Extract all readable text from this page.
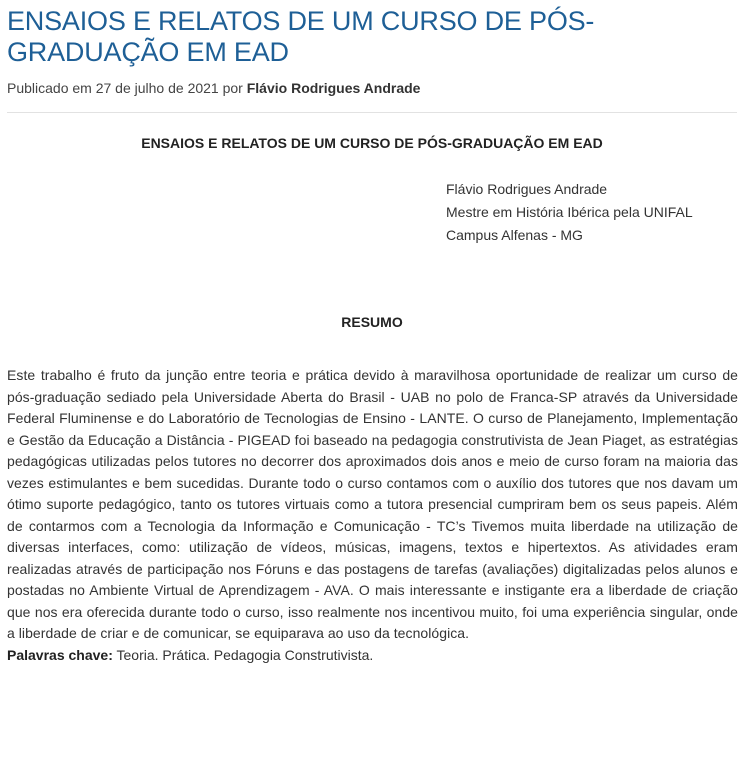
ENSAIOS E RELATOS DE UM CURSO DE PÓS-GRADUAÇÃO EM EAD
Publicado em 27 de julho de 2021 por Flávio Rodrigues Andrade
ENSAIOS E RELATOS DE UM CURSO DE PÓS-GRADUAÇÃO EM EAD
Flávio Rodrigues Andrade
Mestre em História Ibérica pela UNIFAL
Campus Alfenas - MG
RESUMO
Este trabalho é fruto da junção entre teoria e prática devido à maravilhosa oportunidade de realizar um curso de pós-graduação sediado pela Universidade Aberta do Brasil - UAB no polo de Franca-SP através da Universidade Federal Fluminense e do Laboratório de Tecnologias de Ensino - LANTE. O curso de Planejamento, Implementação e Gestão da Educação a Distância - PIGEAD foi baseado na pedagogia construtivista de Jean Piaget, as estratégias pedagógicas utilizadas pelos tutores no decorrer dos aproximados dois anos e meio de curso foram na maioria das vezes estimulantes e bem sucedidas. Durante todo o curso contamos com o auxílio dos tutores que nos davam um ótimo suporte pedagógico, tanto os tutores virtuais como a tutora presencial cumpriram bem os seus papeis. Além de contarmos com a Tecnologia da Informação e Comunicação - TC’s Tivemos muita liberdade na utilização de diversas interfaces, como: utilização de vídeos, músicas, imagens, textos e hipertextos. As atividades eram realizadas através de participação nos Fóruns e das postagens de tarefas (avaliações) digitalizadas pelos alunos e postadas no Ambiente Virtual de Aprendizagem - AVA. O mais interessante e instigante era a liberdade de criação que nos era oferecida durante todo o curso, isso realmente nos incentivou muito, foi uma experiência singular, onde a liberdade de criar e de comunicar, se equiparava ao uso da tecnológica.
Palavras chave: Teoria. Prática. Pedagogia Construtivista.
